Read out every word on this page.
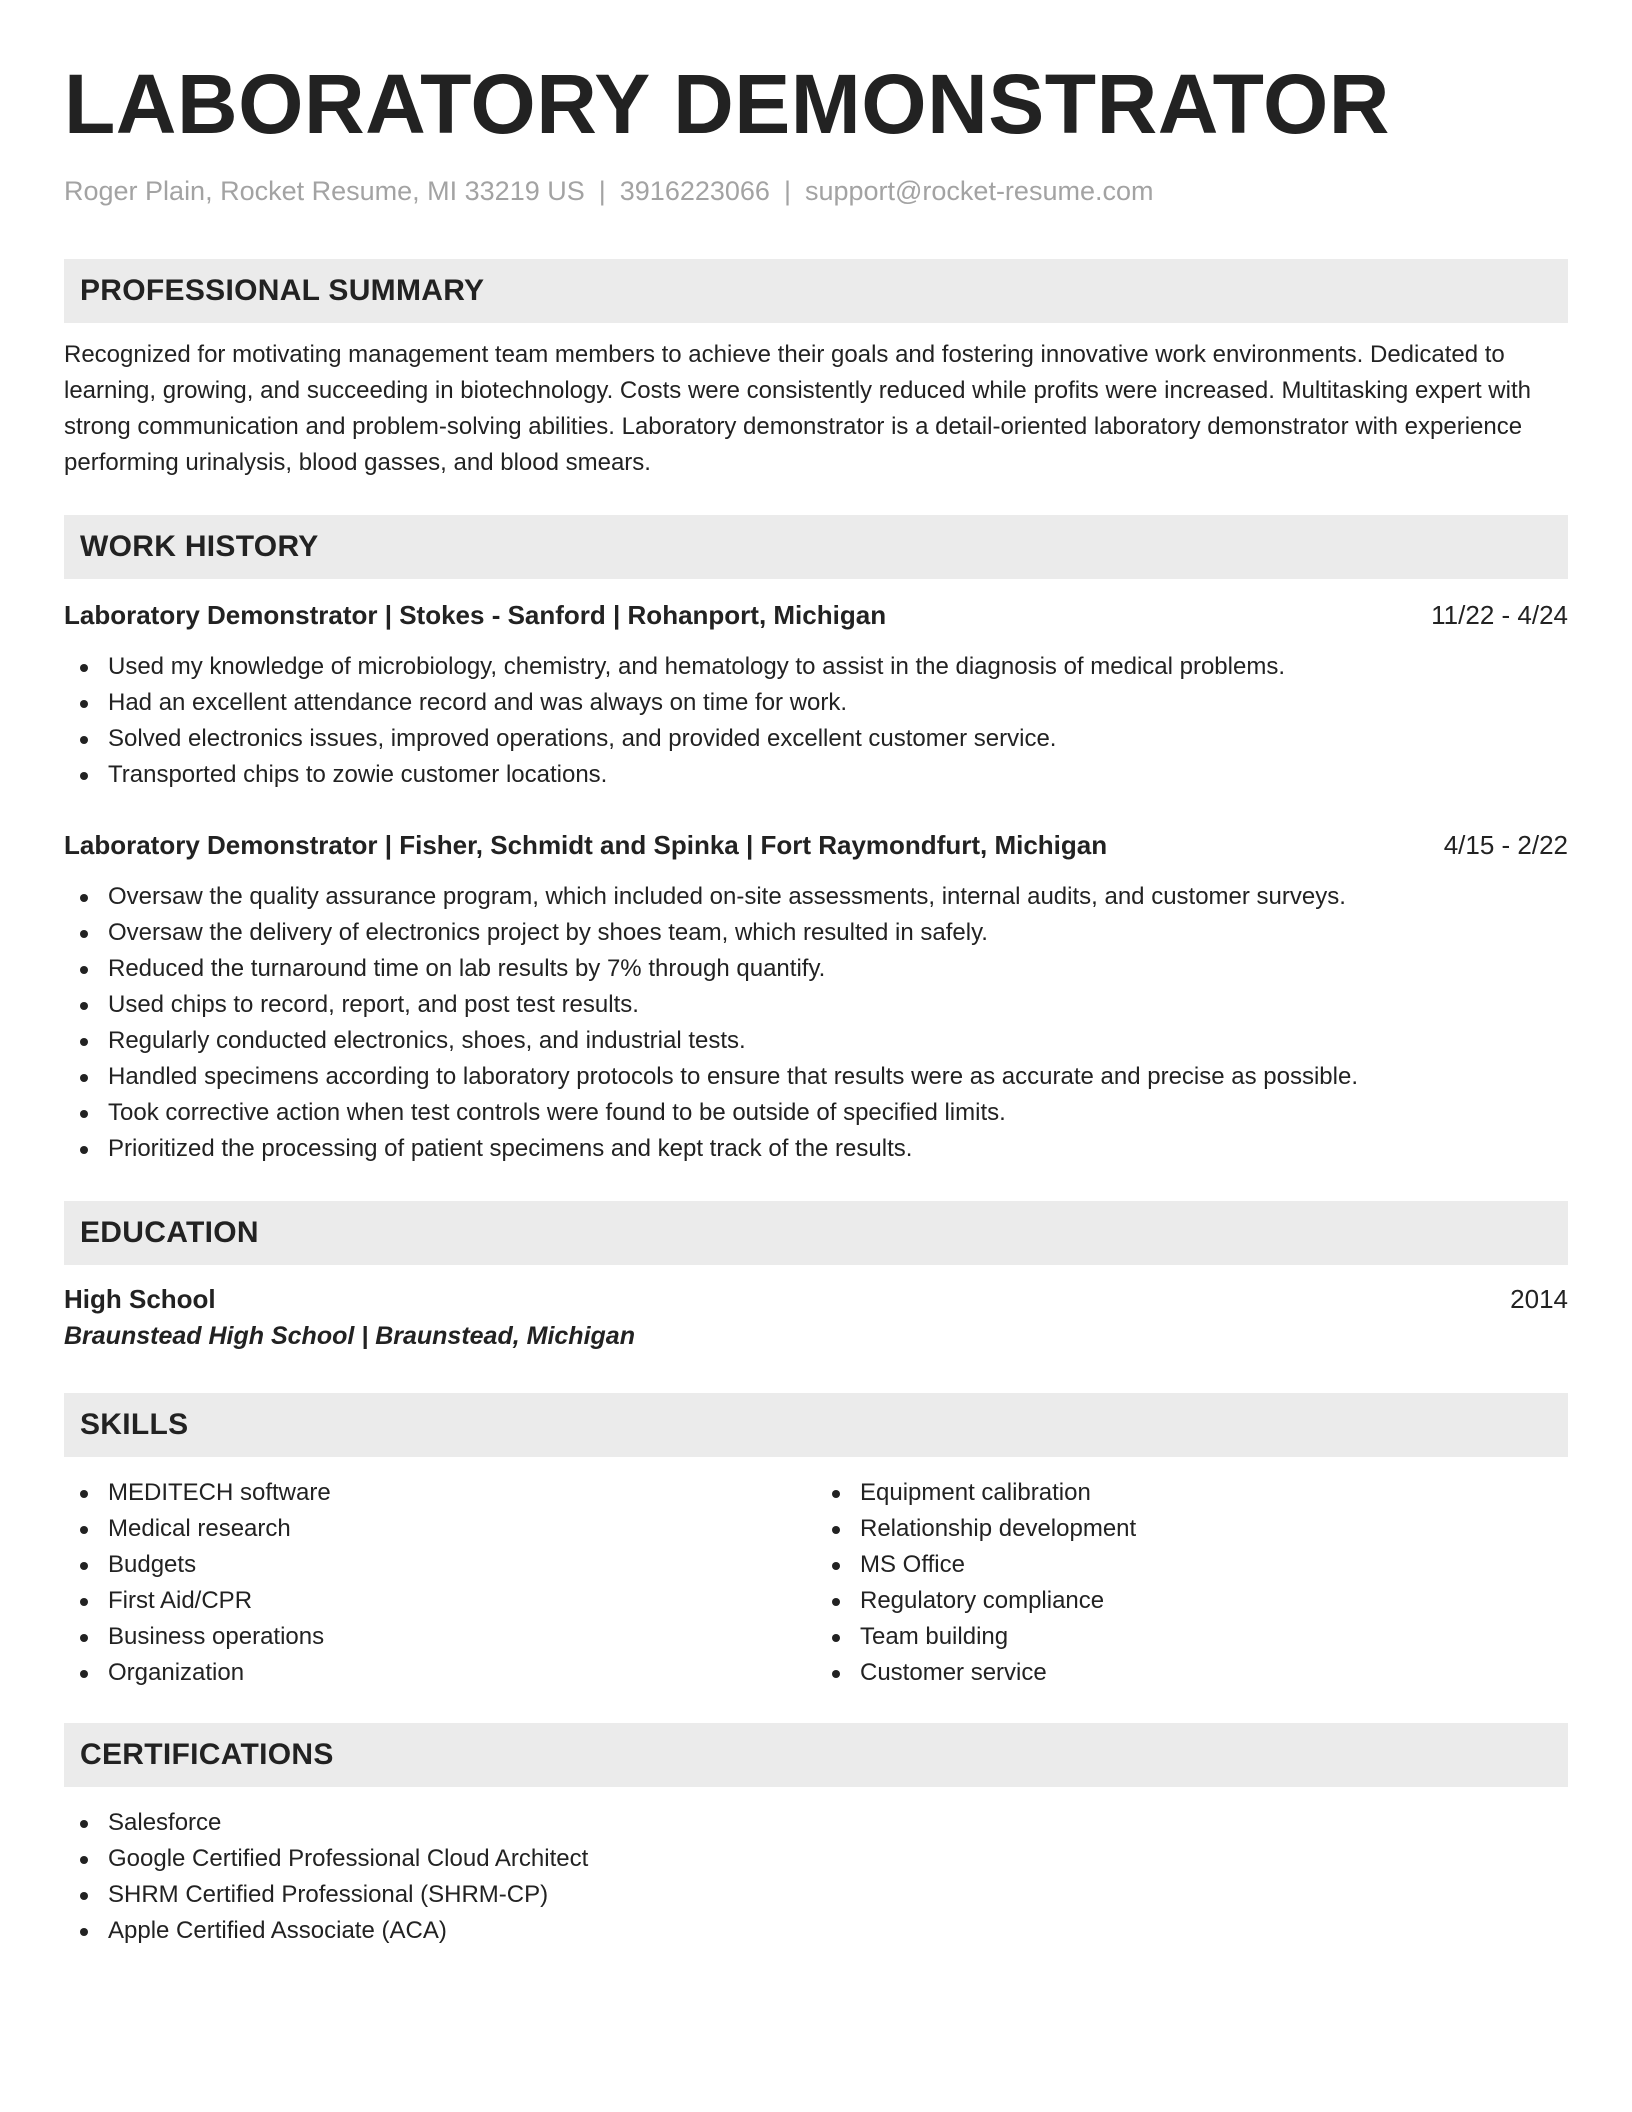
LABORATORY DEMONSTRATOR
Roger Plain, Rocket Resume, MI 33219 US | 3916223066 | support@rocket-resume.com
PROFESSIONAL SUMMARY
Recognized for motivating management team members to achieve their goals and fostering innovative work environments. Dedicated to learning, growing, and succeeding in biotechnology. Costs were consistently reduced while profits were increased. Multitasking expert with strong communication and problem-solving abilities. Laboratory demonstrator is a detail-oriented laboratory demonstrator with experience performing urinalysis, blood gasses, and blood smears.
WORK HISTORY
Laboratory Demonstrator | Stokes - Sanford | Rohanport, Michigan	11/22 - 4/24
Used my knowledge of microbiology, chemistry, and hematology to assist in the diagnosis of medical problems.
Had an excellent attendance record and was always on time for work.
Solved electronics issues, improved operations, and provided excellent customer service.
Transported chips to zowie customer locations.
Laboratory Demonstrator | Fisher, Schmidt and Spinka | Fort Raymondfurt, Michigan	4/15 - 2/22
Oversaw the quality assurance program, which included on-site assessments, internal audits, and customer surveys.
Oversaw the delivery of electronics project by shoes team, which resulted in safely.
Reduced the turnaround time on lab results by 7% through quantify.
Used chips to record, report, and post test results.
Regularly conducted electronics, shoes, and industrial tests.
Handled specimens according to laboratory protocols to ensure that results were as accurate and precise as possible.
Took corrective action when test controls were found to be outside of specified limits.
Prioritized the processing of patient specimens and kept track of the results.
EDUCATION
High School	2014
Braunstead High School | Braunstead, Michigan
SKILLS
MEDITECH software
Medical research
Budgets
First Aid/CPR
Business operations
Organization
Equipment calibration
Relationship development
MS Office
Regulatory compliance
Team building
Customer service
CERTIFICATIONS
Salesforce
Google Certified Professional Cloud Architect
SHRM Certified Professional (SHRM-CP)
Apple Certified Associate (ACA)
